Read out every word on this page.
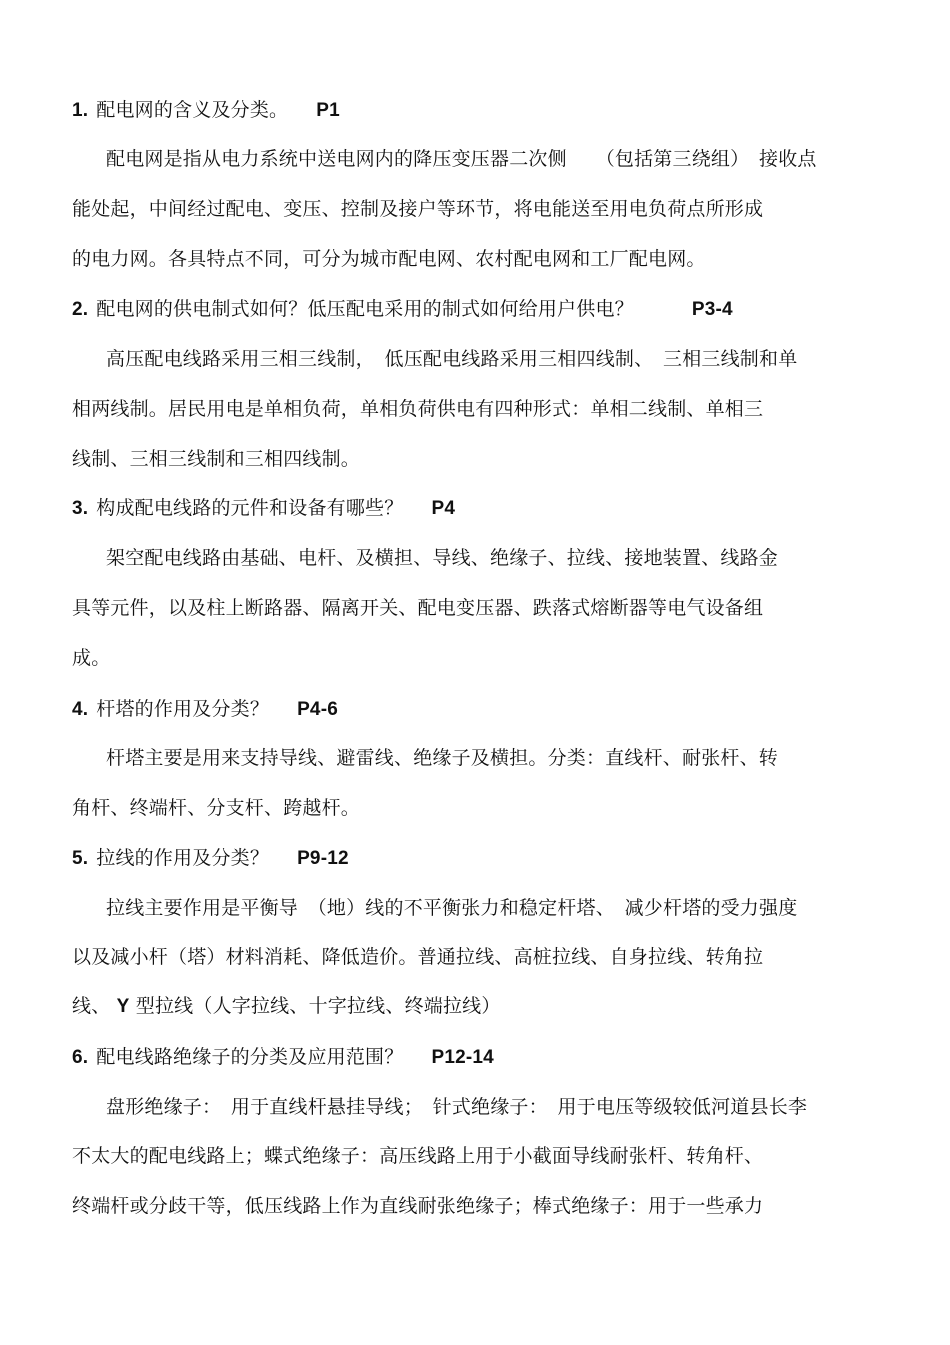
1. 配电网的含义及分类。 P1
配电网是指从电力系统中送电网内的降压变压器二次侧　　（包括第三绕组）　接收点
能处起，中间经过配电、变压、控制及接户等环节，将电能送至用电负荷点所形成
的电力网。各具特点不同，可分为城市配电网、农村配电网和工厂配电网。
2. 配电网的供电制式如何？低压配电采用的制式如何给用户供电？	P3-4
高压配电线路采用三相三线制，　低压配电线路采用三相四线制、　三相三线制和单
相两线制。居民用电是单相负荷，单相负荷供电有四种形式：单相二线制、单相三
线制、三相三线制和三相四线制。
3. 构成配电线路的元件和设备有哪些？ P4
架空配电线路由基础、电杆、及横担、导线、绝缘子、拉线、接地装置、线路金
具等元件，以及柱上断路器、隔离开关、配电变压器、跌落式熔断器等电气设备组
成。
4. 杆塔的作用及分类？ P4-6
杆塔主要是用来支持导线、避雷线、绝缘子及横担。分类：直线杆、耐张杆、转
角杆、终端杆、分支杆、跨越杆。
5. 拉线的作用及分类？ P9-12
拉线主要作用是平衡导　（地）线的不平衡张力和稳定杆塔、　减少杆塔的受力强度
以及减小杆（塔）材料消耗、降低造价。普通拉线、高桩拉线、自身拉线、转角拉
线、 Y 型拉线（人字拉线、十字拉线、终端拉线）
6. 配电线路绝缘子的分类及应用范围？ P12-14
盘形绝缘子：　用于直线杆悬挂导线；　针式绝缘子：　用于电压等级较低河道县长李
不太大的配电线路上；蝶式绝缘子：高压线路上用于小截面导线耐张杆、转角杆、
终端杆或分歧干等，低压线路上作为直线耐张绝缘子；棒式绝缘子：用于一些承力
